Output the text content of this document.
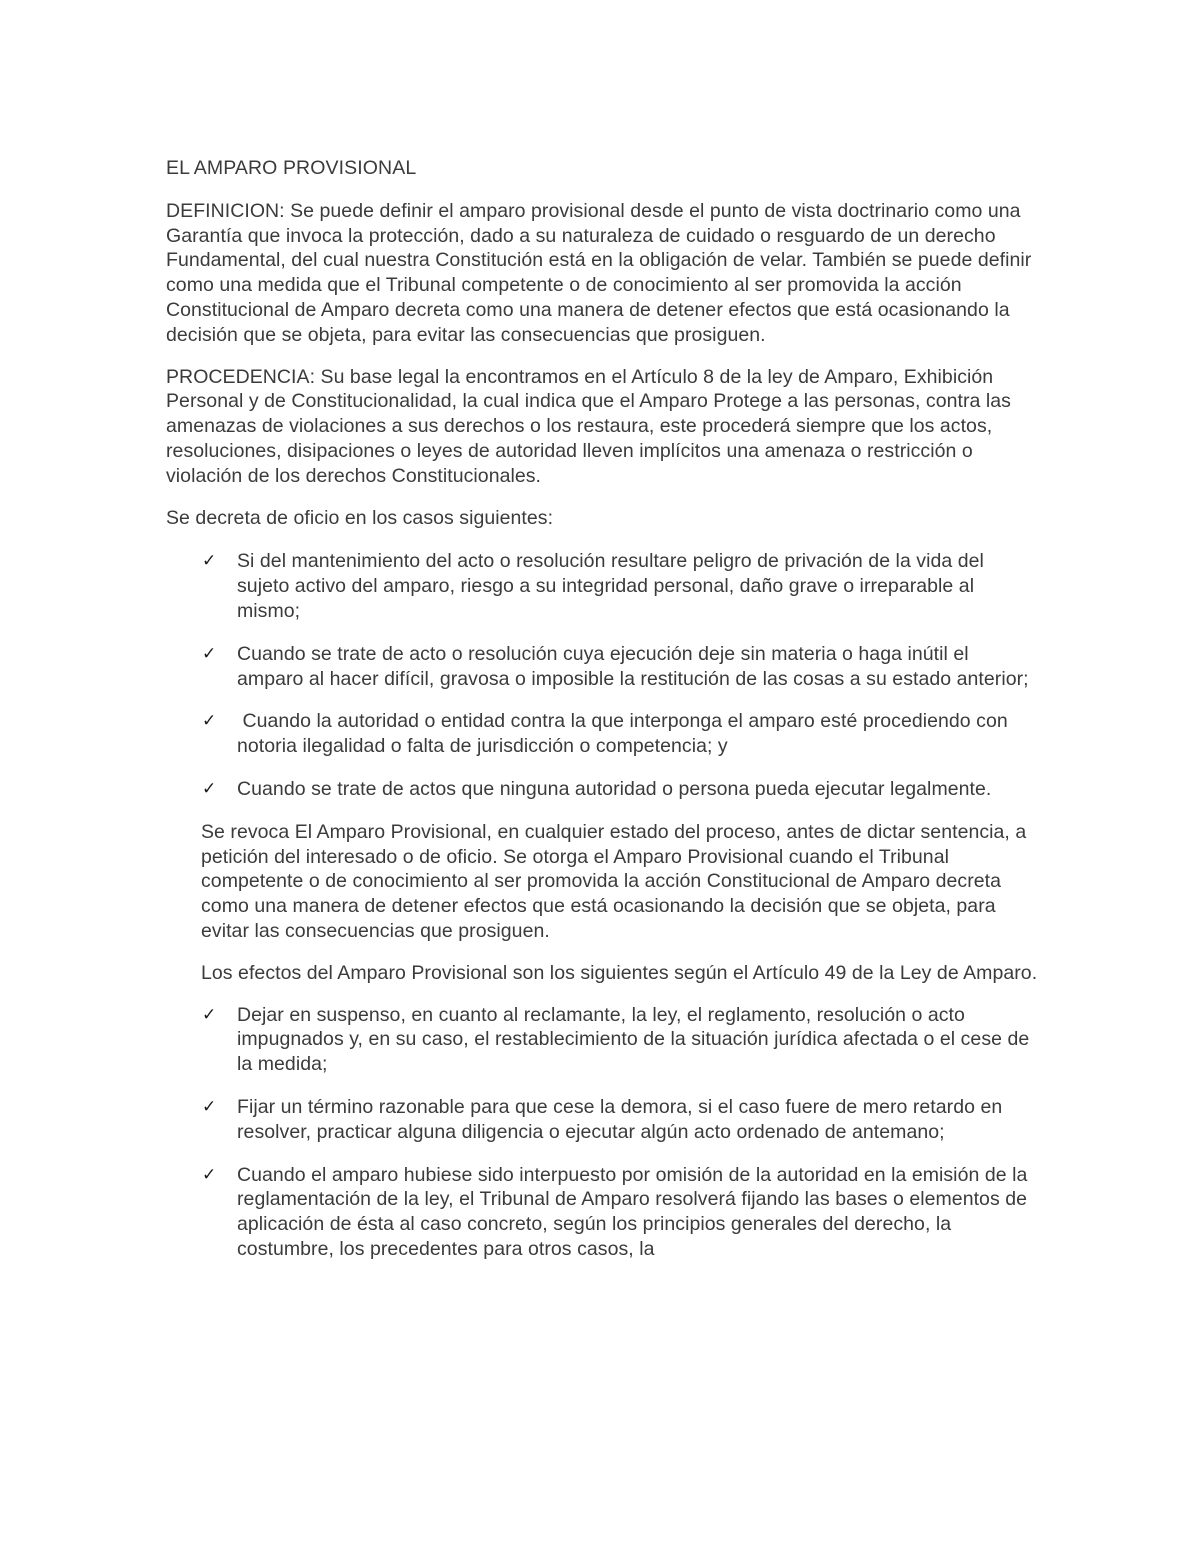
EL AMPARO PROVISIONAL

DEFINICION: Se puede definir el amparo provisional desde el punto de vista doctrinario como una Garantía que invoca la protección, dado a su naturaleza de cuidado o resguardo de un derecho Fundamental, del cual nuestra Constitución está en la obligación de velar. También se puede definir como una medida que el Tribunal competente o de conocimiento al ser promovida la acción Constitucional de Amparo decreta como una manera de detener efectos que está ocasionando la decisión que se objeta, para evitar las consecuencias que prosiguen.

PROCEDENCIA: Su base legal la encontramos en el Artículo 8 de la ley de Amparo, Exhibición Personal y de Constitucionalidad, la cual indica que el Amparo Protege a las personas, contra las amenazas de violaciones a sus derechos o los restaura, este procederá siempre que los actos, resoluciones, disipaciones o leyes de autoridad lleven implícitos una amenaza o restricción o violación de los derechos Constitucionales.

Se decreta de oficio en los casos siguientes:

✓ Si del mantenimiento del acto o resolución resultare peligro de privación de la vida del sujeto activo del amparo, riesgo a su integridad personal, daño grave o irreparable al mismo;
✓ Cuando se trate de acto o resolución cuya ejecución deje sin materia o haga inútil el amparo al hacer difícil, gravosa o imposible la restitución de las cosas a su estado anterior;
✓ Cuando la autoridad o entidad contra la que interponga el amparo esté procediendo con notoria ilegalidad o falta de jurisdicción o competencia; y
✓ Cuando se trate de actos que ninguna autoridad o persona pueda ejecutar legalmente.

Se revoca El Amparo Provisional, en cualquier estado del proceso, antes de dictar sentencia, a petición del interesado o de oficio. Se otorga el Amparo Provisional cuando el Tribunal competente o de conocimiento al ser promovida la acción Constitucional de Amparo decreta como una manera de detener efectos que está ocasionando la decisión que se objeta, para evitar las consecuencias que prosiguen.

Los efectos del Amparo Provisional son los siguientes según el Artículo 49 de la Ley de Amparo.

✓ Dejar en suspenso, en cuanto al reclamante, la ley, el reglamento, resolución o acto impugnados y, en su caso, el restablecimiento de la situación jurídica afectada o el cese de la medida;
✓ Fijar un término razonable para que cese la demora, si el caso fuere de mero retardo en resolver, practicar alguna diligencia o ejecutar algún acto ordenado de antemano;
✓ Cuando el amparo hubiese sido interpuesto por omisión de la autoridad en la emisión de la reglamentación de la ley, el Tribunal de Amparo resolverá fijando las bases o elementos de aplicación de ésta al caso concreto, según los principios generales del derecho, la costumbre, los precedentes para otros casos, la
